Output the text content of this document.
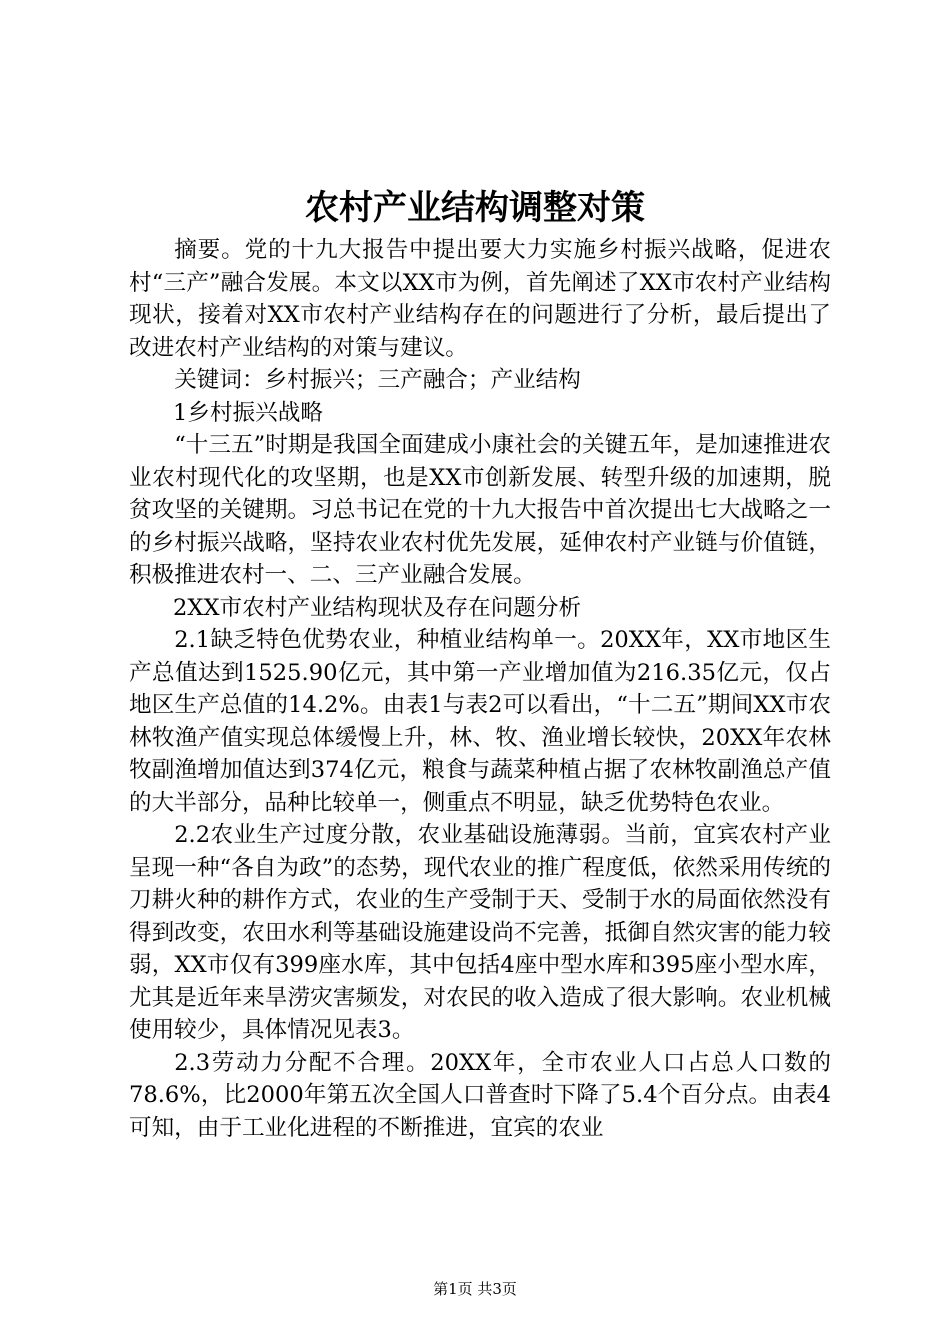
农村产业结构调整对策

摘要。党的十九大报告中提出要大力实施乡村振兴战略，促进农村“三产”融合发展。本文以XX市为例，首先阐述了XX市农村产业结构现状，接着对XX市农村产业结构存在的问题进行了分析，最后提出了改进农村产业结构的对策与建议。

关键词：乡村振兴；三产融合；产业结构

1乡村振兴战略

“十三五”时期是我国全面建成小康社会的关键五年，是加速推进农业农村现代化的攻坚期，也是XX市创新发展、转型升级的加速期，脱贫攻坚的关键期。习总书记在党的十九大报告中首次提出七大战略之一的乡村振兴战略，坚持农业农村优先发展，延伸农村产业链与价值链，积极推进农村一、二、三产业融合发展。

2XX市农村产业结构现状及存在问题分析

2.1缺乏特色优势农业，种植业结构单一。20XX年，XX市地区生产总值达到1525.90亿元，其中第一产业增加值为216.35亿元，仅占地区生产总值的14.2%。由表1与表2可以看出，“十二五”期间XX市农林牧渔产值实现总体缓慢上升，林、牧、渔业增长较快，20XX年农林牧副渔增加值达到374亿元，粮食与蔬菜种植占据了农林牧副渔总产值的大半部分，品种比较单一，侧重点不明显，缺乏优势特色农业。

2.2农业生产过度分散，农业基础设施薄弱。当前，宜宾农村产业呈现一种“各自为政”的态势，现代农业的推广程度低，依然采用传统的刀耕火种的耕作方式，农业的生产受制于天、受制于水的局面依然没有得到改变，农田水利等基础设施建设尚不完善，抵御自然灾害的能力较弱，XX市仅有399座水库，其中包括4座中型水库和395座小型水库，尤其是近年来旱涝灾害频发，对农民的收入造成了很大影响。农业机械使用较少，具体情况见表3。

2.3劳动力分配不合理。20XX年，全市农业人口占总人口数的78.6%，比2000年第五次全国人口普查时下降了5.4个百分点。由表4可知，由于工业化进程的不断推进，宜宾的农业

第1页 共3页
